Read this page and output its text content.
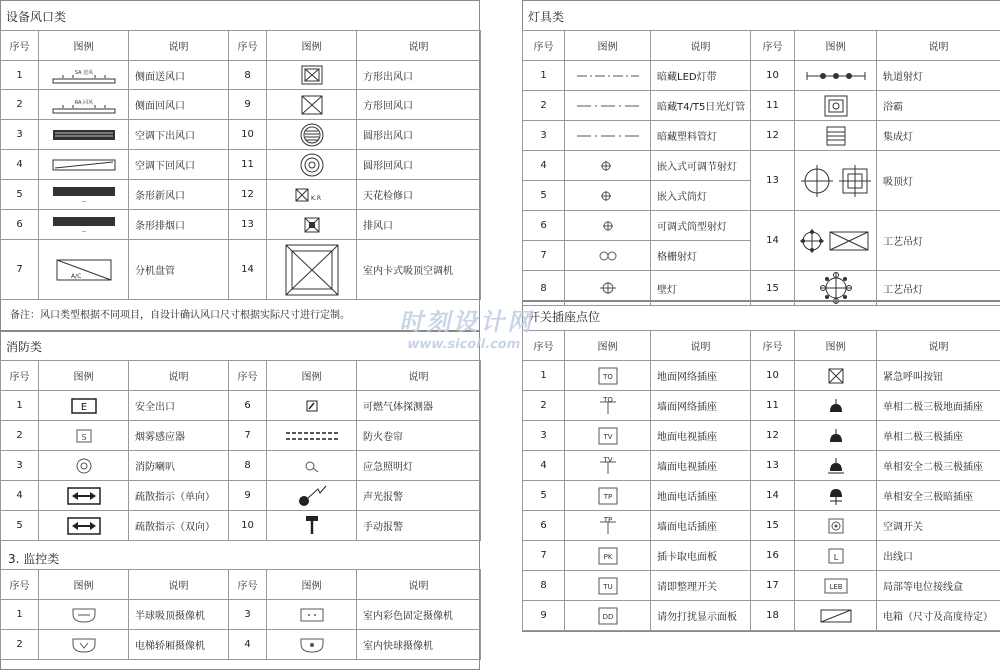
设备风口类
序号	图例	说明	序号	图例	说明
1	SA 送风	侧面送风口	8		方形出风口
2	RA 回风	侧面回风口	9		方形回风口
3		空调下出风口	10		圆形出风口
4		空调下回风口	11		圆形回风口
5	—	条形新风口	12	K.R	天花检修口
6	—	条形排烟口	13		排风口
7	A/C	分机盘管	14		室内卡式吸顶空调机
备注：风口类型根据不同项目，自设计确认风口尺寸根据实际尺寸进行定制。
消防类
序号	图例	说明	序号	图例	说明
1	E	安全出口	6		可燃气体探测器
2	S	烟雾感应器	7		防火卷帘
3		消防喇叭	8		应急照明灯
4		疏散指示（单向）	9		声光报警
5		疏散指示（双向）	10		手动报警
3. 监控类
序号	图例	说明	序号	图例	说明
1		半球吸顶摄像机	3		室内彩色固定摄像机
2		电梯轿厢摄像机	4		室内快球摄像机
灯具类
序号	图例	说明	序号	图例	说明
1		暗藏LED灯带	10		轨道射灯
2		暗藏T4/T5日光灯管	11		浴霸
3		暗藏塑料管灯	12		集成灯
4		嵌入式可调节射灯	13		吸顶灯
5		嵌入式筒灯			
6		可调式筒型射灯	14		工艺吊灯
7		格栅射灯			
8		壁灯	15		工艺吊灯
开关插座点位
序号	图例	说明	序号	图例	说明
1	TO	地面网络插座	10		紧急呼叫按钮
2	TO	墙面网络插座	11		单相二极三极地面插座
3	TV	地面电视插座	12		单相二极三极插座
4	TV	墙面电视插座	13		单相安全二极三极插座
5	TP	地面电话插座	14		单相安全三极暗插座
6	TP	墙面电话插座	15		空调开关
7	PK	插卡取电面板	16	L	出线口
8	TU	请即整理开关	17	LEB	局部等电位接线盒
9	DD	请勿打扰显示面板	18		电箱（尺寸及高度待定）
时刻设计网
www.sicoll.com
